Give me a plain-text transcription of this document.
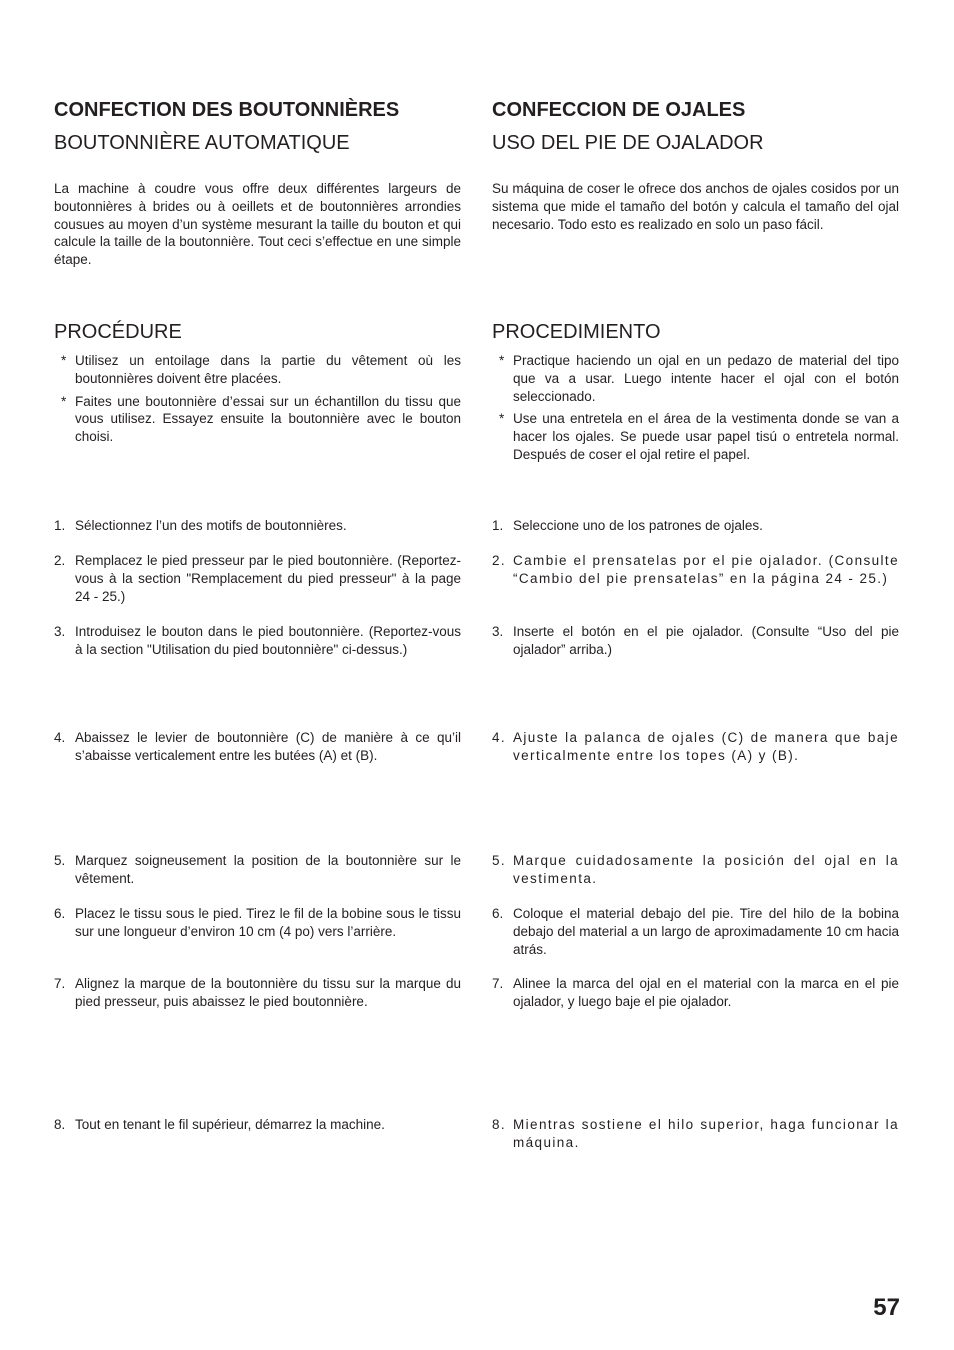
CONFECTION DES BOUTONNIÈRES

BOUTONNIÈRE AUTOMATIQUE

La machine à coudre vous offre deux différentes largeurs de boutonnières à brides ou à oeillets et de boutonnières arrondies cousues au moyen d’un système mesurant la taille du bouton et qui calcule la taille de la boutonnière. Tout ceci s’effectue en une simple étape.

PROCÉDURE

* Utilisez un entoilage dans la partie du vêtement où les boutonnières doivent être placées.

* Faites une boutonnière d’essai sur un échantillon du tissu que vous utilisez. Essayez ensuite la boutonnière avec le bouton choisi.

1. Sélectionnez l’un des motifs de boutonnières.

2. Remplacez le pied presseur par le pied boutonnière. (Reportez-vous à la section "Remplacement du pied presseur" à la page 24 - 25.)

3. Introduisez le bouton dans le pied boutonnière. (Reportez-vous à la section "Utilisation du pied boutonnière" ci-dessus.)

4. Abaissez le levier de boutonnière (C) de manière à ce qu’il s’abaisse verticalement entre les butées (A) et (B).

5. Marquez soigneusement la position de la boutonnière sur le vêtement.

6. Placez le tissu sous le pied. Tirez le fil de la bobine sous le tissu sur une longueur d’environ 10 cm (4 po) vers l’arrière.

7. Alignez la marque de la boutonnière du tissu sur la marque du pied presseur, puis abaissez le pied boutonnière.

8. Tout en tenant le fil supérieur, démarrez la machine.

CONFECCION DE OJALES

USO DEL PIE DE OJALADOR

Su máquina de coser le ofrece dos anchos de ojales cosidos por un sistema que mide el tamaño del botón y calcula el tamaño del ojal necesario. Todo esto es realizado en solo un paso fácil.

PROCEDIMIENTO

* Practique haciendo un ojal en un pedazo de material del tipo que va a usar. Luego intente hacer el ojal con el botón seleccionado.

* Use una entretela en el área de la vestimenta donde se van a hacer los ojales. Se puede usar papel tisú o entretela normal. Después de coser el ojal retire el papel.

1. Seleccione uno de los patrones de ojales.

2. Cambie el prensatelas por el pie ojalador. (Consulte “Cambio del pie prensatelas” en la página 24 - 25.)

3. Inserte el botón en el pie ojalador. (Consulte “Uso del pie ojalador” arriba.)

4. Ajuste la palanca de ojales (C) de manera que baje verticalmente entre los topes (A) y (B).

5. Marque cuidadosamente la posición del ojal en la vestimenta.

6. Coloque el material debajo del pie. Tire del hilo de la bobina debajo del material a un largo de aproximadamente 10 cm hacia atrás.

7. Alinee la marca del ojal en el material con la marca en el pie ojalador, y luego baje el pie ojalador.

8. Mientras sostiene el hilo superior, haga funcionar la máquina.

57
